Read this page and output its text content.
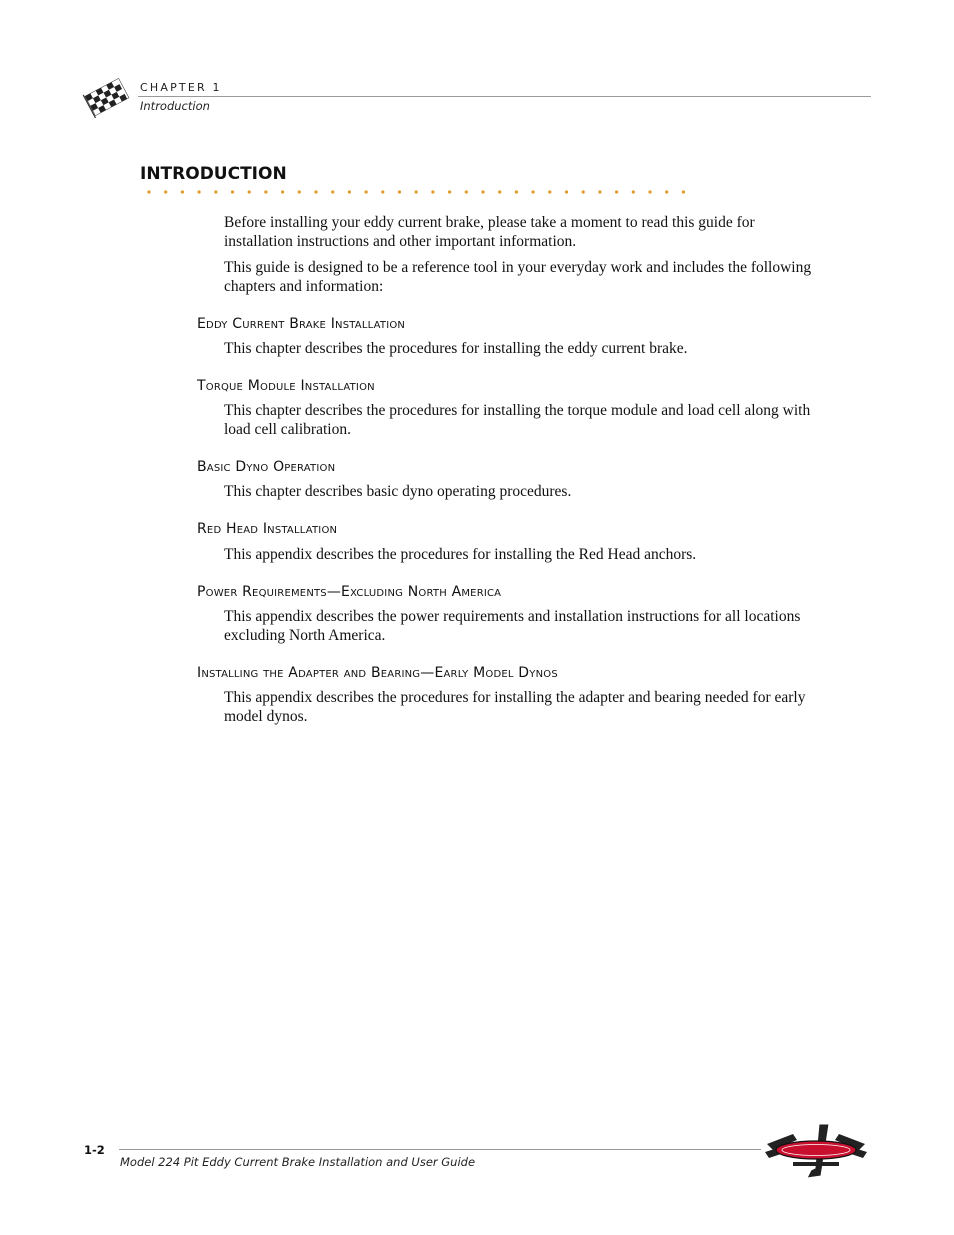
CHAPTER 1
Introduction
INTRODUCTION

Before installing your eddy current brake, please take a moment to read this guide for installation instructions and other important information.

This guide is designed to be a reference tool in your everyday work and includes the following chapters and information:

Eddy Current Brake Installation

This chapter describes the procedures for installing the eddy current brake.

Torque Module Installation

This chapter describes the procedures for installing the torque module and load cell along with load cell calibration.

Basic Dyno Operation

This chapter describes basic dyno operating procedures.

Red Head Installation

This appendix describes the procedures for installing the Red Head anchors.

Power Requirements—Excluding North America

This appendix describes the power requirements and installation instructions for all locations excluding North America.

Installing the Adapter and Bearing—Early Model Dynos

This appendix describes the procedures for installing the adapter and bearing needed for early model dynos.

1-2
Model 224 Pit Eddy Current Brake Installation and User Guide
